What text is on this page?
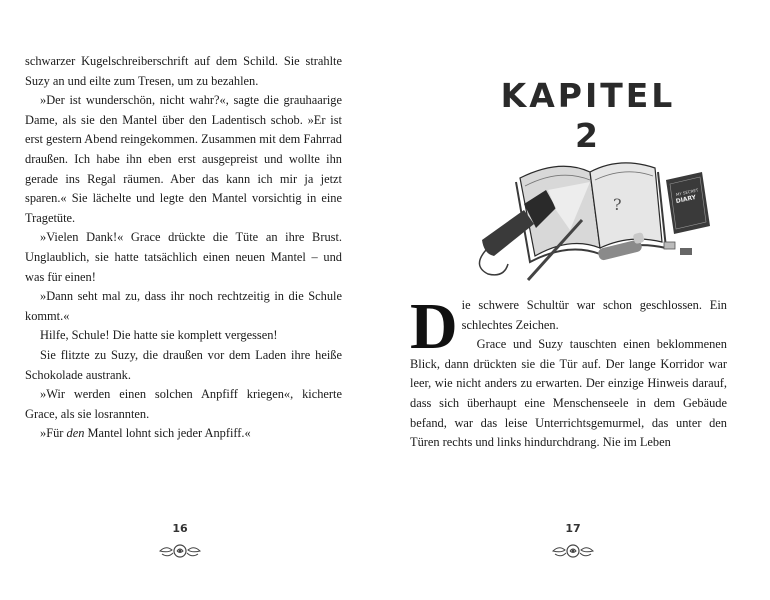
schwarzer Kugelschreiberschrift auf dem Schild. Sie strahlte Suzy an und eilte zum Tresen, um zu bezahlen.

»Der ist wunderschön, nicht wahr?«, sagte die grauhaarige Dame, als sie den Mantel über den Ladentisch schob. »Er ist erst gestern Abend reingekommen. Zusammen mit dem Fahrrad draußen. Ich habe ihn eben erst ausgepreist und wollte ihn gerade ins Regal räumen. Aber das kann ich mir ja jetzt sparen.« Sie lächelte und legte den Mantel vorsichtig in eine Tragetüte.

»Vielen Dank!« Grace drückte die Tüte an ihre Brust. Unglaublich, sie hatte tatsächlich einen neuen Mantel – und was für einen!

»Dann seht mal zu, dass ihr noch rechtzeitig in die Schule kommt.«

Hilfe, Schule! Die hatte sie komplett vergessen!

Sie flitzte zu Suzy, die draußen vor dem Laden ihre heiße Schokolade austrank.

»Wir werden einen solchen Anpfiff kriegen«, kicherte Grace, als sie losrannten.

»Für den Mantel lohnt sich jeder Anpfiff.«

16
KAPITEL 2
?
MY SECRET
DIARY

Die schwere Schultür war schon geschlossen. Ein schlechtes Zeichen.

Grace und Suzy tauschten einen beklommenen Blick, dann drückten sie die Tür auf. Der lange Korridor war leer, wie nicht anders zu erwarten. Der einzige Hinweis darauf, dass sich überhaupt eine Menschenseele in dem Gebäude befand, war das leise Unterrichtsgemurmel, das unter den Türen rechts und links hindurchdrang. Nie im Leben

17
